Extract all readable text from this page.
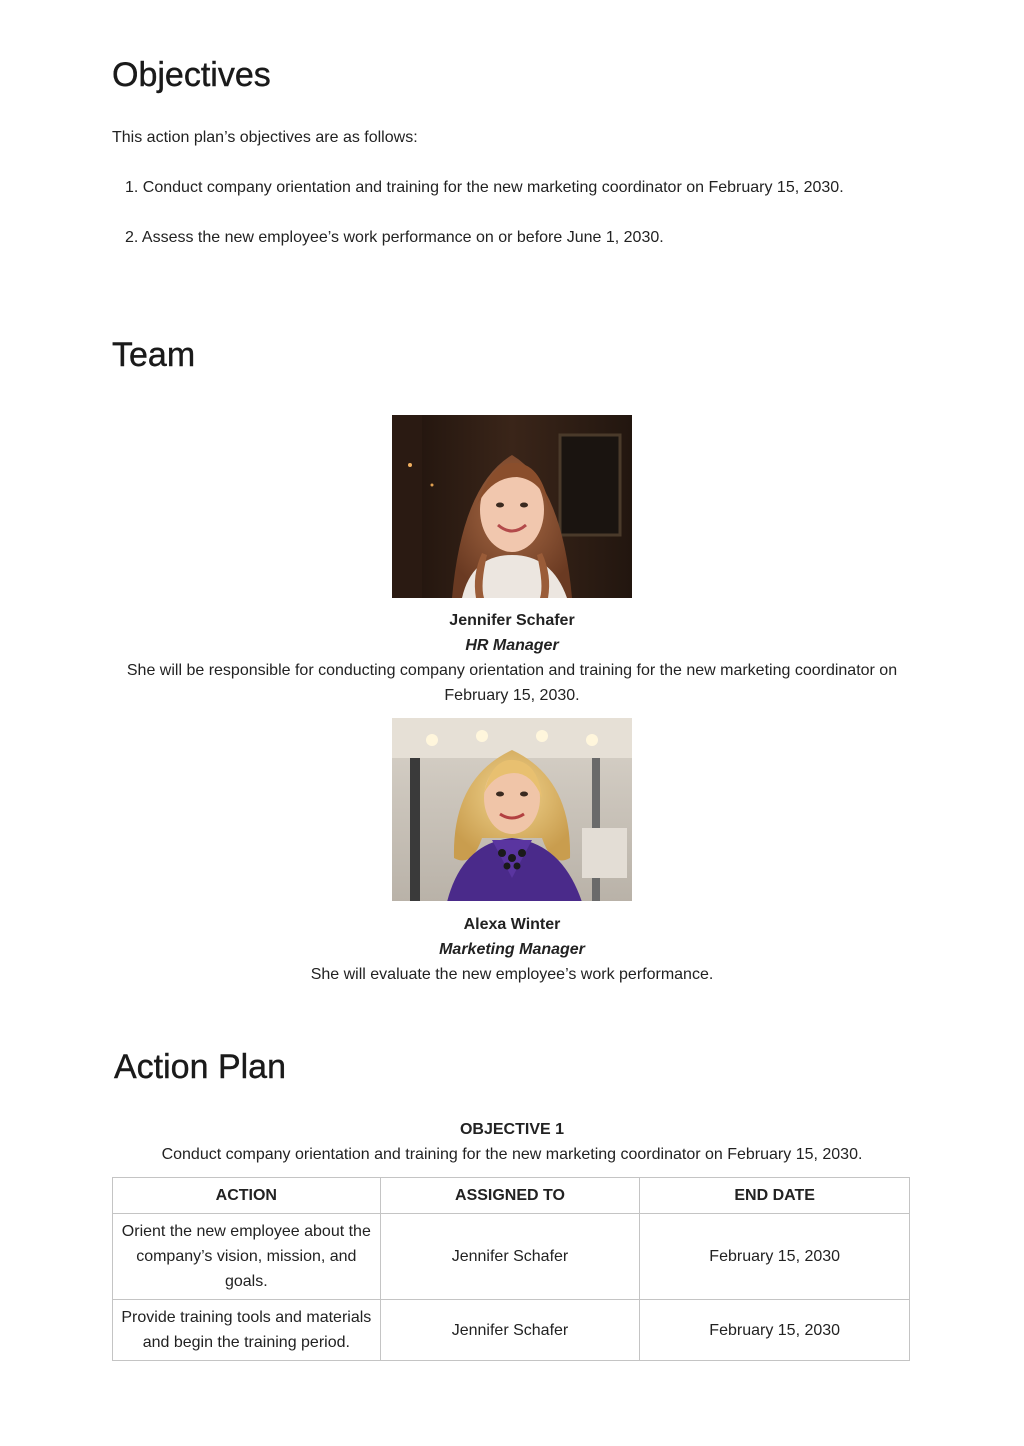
Objectives

This action plan’s objectives are as follows:

1. Conduct company orientation and training for the new marketing coordinator on February 15, 2030.
2. Assess the new employee’s work performance on or before June 1, 2030.
Team
Jennifer Schafer
HR Manager
She will be responsible for conducting company orientation and training for the new marketing coordinator on February 15, 2030.
Alexa Winter
Marketing Manager
She will evaluate the new employee’s work performance.
Action Plan
OBJECTIVE 1
Conduct company orientation and training for the new marketing coordinator on February 15, 2030.
ACTION	ASSIGNED TO	END DATE
Orient the new employee about the company’s vision, mission, and goals.	Jennifer Schafer	February 15, 2030
Provide training tools and materials and begin the training period.	Jennifer Schafer	February 15, 2030
